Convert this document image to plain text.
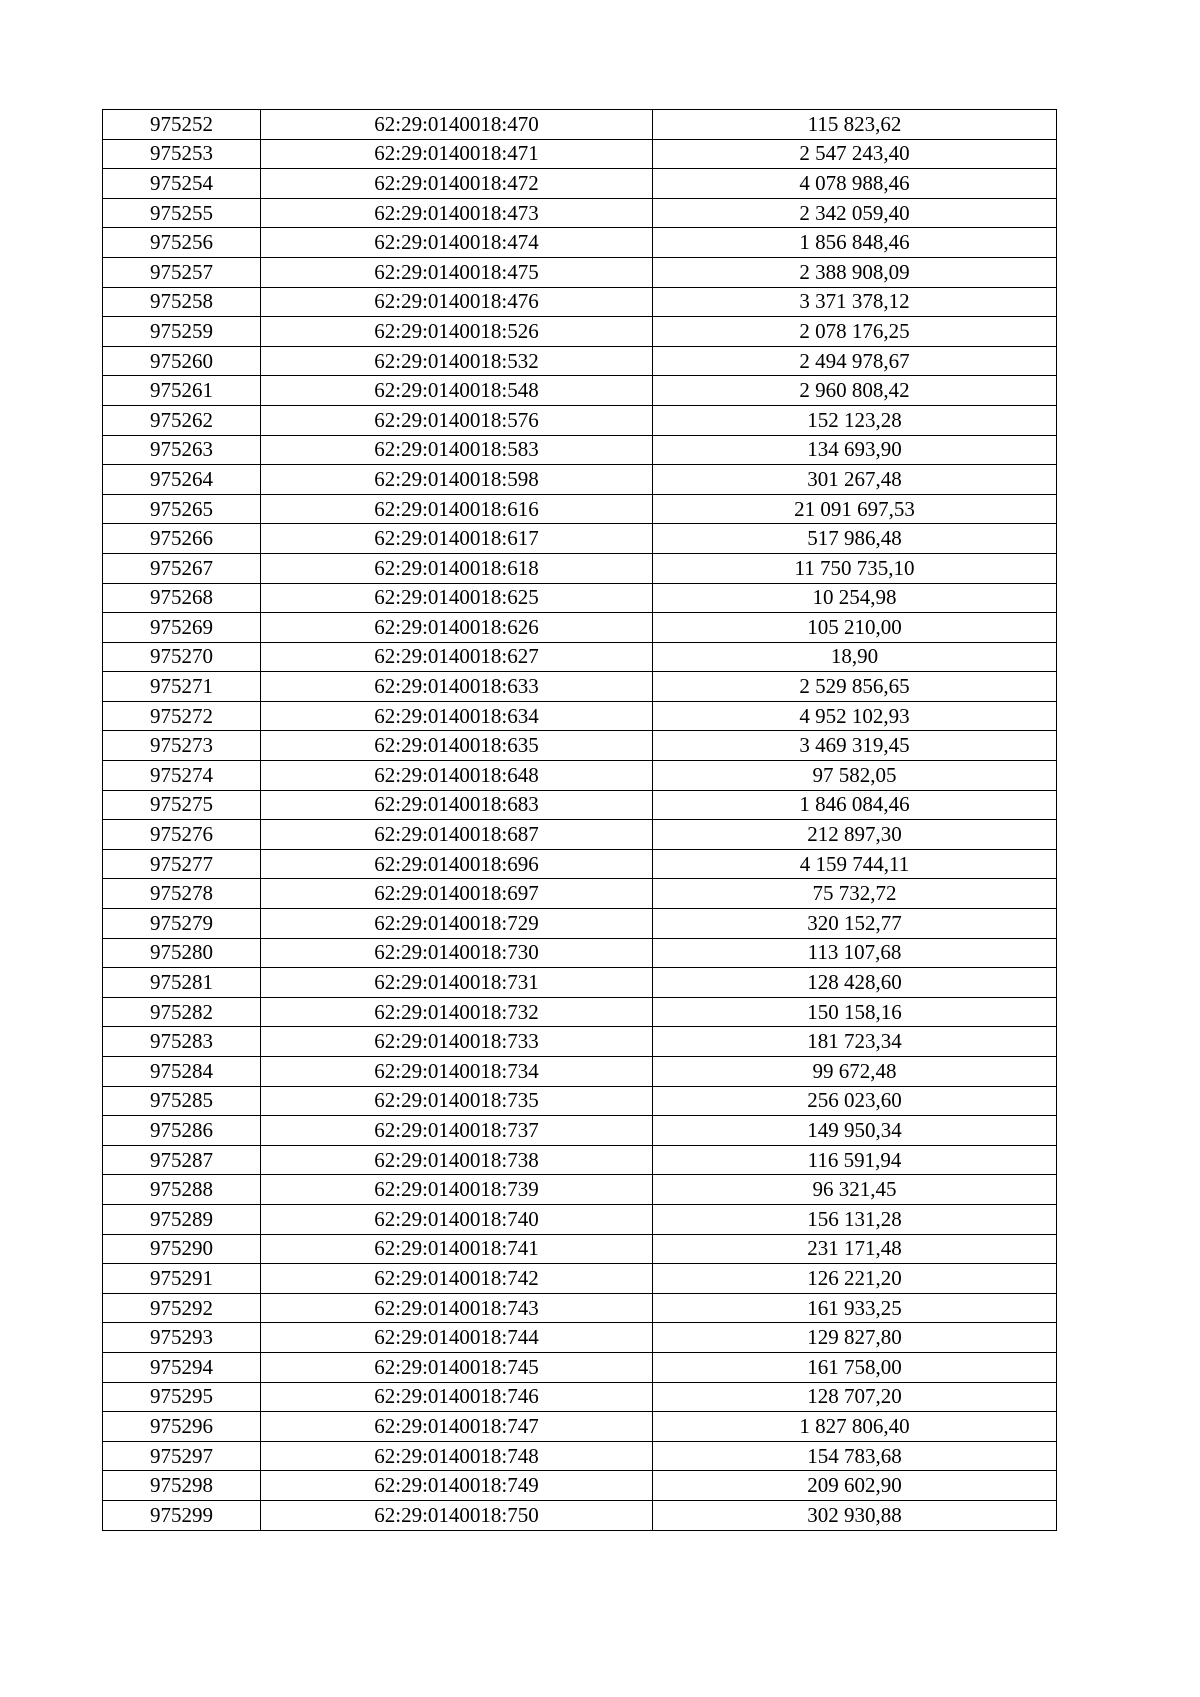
975252	62:29:0140018:470	115 823,62
975253	62:29:0140018:471	2 547 243,40
975254	62:29:0140018:472	4 078 988,46
975255	62:29:0140018:473	2 342 059,40
975256	62:29:0140018:474	1 856 848,46
975257	62:29:0140018:475	2 388 908,09
975258	62:29:0140018:476	3 371 378,12
975259	62:29:0140018:526	2 078 176,25
975260	62:29:0140018:532	2 494 978,67
975261	62:29:0140018:548	2 960 808,42
975262	62:29:0140018:576	152 123,28
975263	62:29:0140018:583	134 693,90
975264	62:29:0140018:598	301 267,48
975265	62:29:0140018:616	21 091 697,53
975266	62:29:0140018:617	517 986,48
975267	62:29:0140018:618	11 750 735,10
975268	62:29:0140018:625	10 254,98
975269	62:29:0140018:626	105 210,00
975270	62:29:0140018:627	18,90
975271	62:29:0140018:633	2 529 856,65
975272	62:29:0140018:634	4 952 102,93
975273	62:29:0140018:635	3 469 319,45
975274	62:29:0140018:648	97 582,05
975275	62:29:0140018:683	1 846 084,46
975276	62:29:0140018:687	212 897,30
975277	62:29:0140018:696	4 159 744,11
975278	62:29:0140018:697	75 732,72
975279	62:29:0140018:729	320 152,77
975280	62:29:0140018:730	113 107,68
975281	62:29:0140018:731	128 428,60
975282	62:29:0140018:732	150 158,16
975283	62:29:0140018:733	181 723,34
975284	62:29:0140018:734	99 672,48
975285	62:29:0140018:735	256 023,60
975286	62:29:0140018:737	149 950,34
975287	62:29:0140018:738	116 591,94
975288	62:29:0140018:739	96 321,45
975289	62:29:0140018:740	156 131,28
975290	62:29:0140018:741	231 171,48
975291	62:29:0140018:742	126 221,20
975292	62:29:0140018:743	161 933,25
975293	62:29:0140018:744	129 827,80
975294	62:29:0140018:745	161 758,00
975295	62:29:0140018:746	128 707,20
975296	62:29:0140018:747	1 827 806,40
975297	62:29:0140018:748	154 783,68
975298	62:29:0140018:749	209 602,90
975299	62:29:0140018:750	302 930,88
